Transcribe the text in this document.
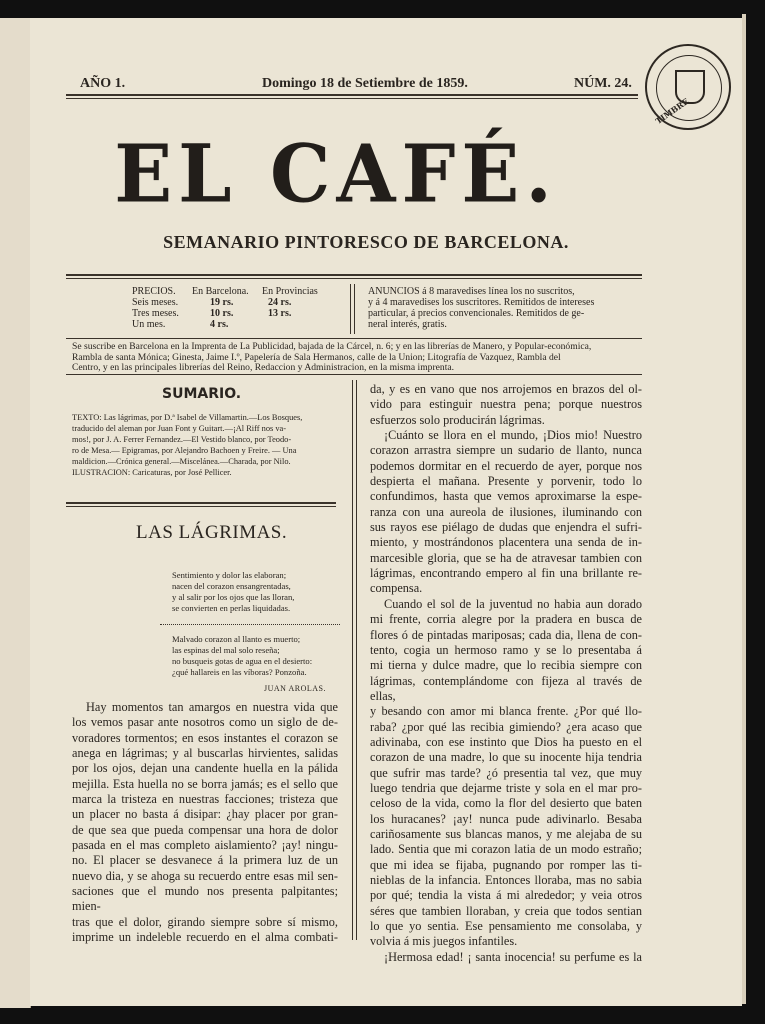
AÑO 1.	Domingo 18 de Setiembre de 1859.	NÚM. 24.
TIMBRE
EL CAFÉ.
SEMANARIO PINTORESCO DE BARCELONA.
PRECIOS.	En Barcelona.	En Provincias
Seis meses.	19 rs.	24 rs.
Tres meses.	10 rs.	13 rs.
Un mes.	4 rs.
ANUNCIOS á 8 maravedises línea los no suscritos,
y á 4 maravedises los suscritores. Remitidos de intereses
particular, á precios convencionales. Remitidos de ge-
neral interés, gratis.
Se suscribe en Barcelona en la Imprenta de La Publicidad, bajada de la Cárcel, n. 6; y en las librerías de Manero, y Popular-económica,
Rambla de santa Mónica; Ginesta, Jaime I.º, Papelería de Sala Hermanos, calle de la Union; Litografía de Vazquez, Rambla del
Centro, y en las principales librerías del Reino, Redaccion y Administracion, en la misma imprenta.
SUMARIO.
TEXTO: Las lágrimas, por D.ª Isabel de Villamartin.—Los Bosques,
traducido del aleman por Juan Font y Guitart.—¡Al Riff nos va-
mos!, por J. A. Ferrer Fernandez.—El Vestido blanco, por Teodo-
ro de Mesa.— Epigramas, por Alejandro Bachoen y Freire. — Una
maldicion.—Crónica general.—Miscelánea.—Charada, por Nilo.
ILUSTRACION: Caricaturas, por José Pellicer.
LAS LÁGRIMAS.
Sentimiento y dolor las elaboran;
nacen del corazon ensangrentadas,
y al salir por los ojos que las lloran,
se convierten en perlas liquidadas.
Malvado corazon al llanto es muerto;
las espinas del mal solo reseña;
no busqueis gotas de agua en el desierto:
¿qué hallareis en las víboras? Ponzoña.
JUAN AROLAS.
Hay momentos tan amargos en nuestra vida que
los vemos pasar ante nosotros como un siglo de de-
voradores tormentos; en esos instantes el corazon se
anega en lágrimas; y al buscarlas hirvientes, salidas
por los ojos, dejan una candente huella en la pálida
mejilla. Esta huella no se borra jamás; es el sello que
marca la tristeza en nuestras facciones; tristeza que
un placer no basta á disipar: ¿hay placer por gran-
de que sea que pueda compensar una hora de dolor
pasada en el mas completo aislamiento? ¡ay! ningu-
no. El placer se desvanece á la primera luz de un
nuevo dia, y se ahoga su recuerdo entre esas mil sen-
saciones que el mundo nos presenta palpitantes; mien-
tras que el dolor, girando siempre sobre sí mismo,
imprime un indeleble recuerdo en el alma combati-
da, y es en vano que nos arrojemos en brazos del ol-
vido para estinguir nuestra pena; porque nuestros
esfuerzos solo producirán lágrimas.
¡Cuánto se llora en el mundo, ¡Dios mio! Nuestro
corazon arrastra siempre un sudario de llanto, nunca
podemos dormitar en el recuerdo de ayer, porque nos
despierta el mañana. Presente y porvenir, todo lo
confundimos, hasta que vemos aproximarse la espe-
ranza con una aureola de ilusiones, iluminando con
sus rayos ese piélago de dudas que enjendra el sufri-
miento, y mostrándonos placentera una senda de in-
marcesible gloria, que se ha de atravesar tambien con
lágrimas, encontrando empero al fin una brillante re-
compensa.
Cuando el sol de la juventud no habia aun dorado
mi frente, corria alegre por la pradera en busca de
flores ó de pintadas mariposas; cada dia, llena de con-
tento, cogia un hermoso ramo y se lo presentaba á
mi tierna y dulce madre, que lo recibia siempre con
lágrimas, contemplándome con fijeza al través de ellas,
y besando con amor mi blanca frente. ¿Por qué llo-
raba? ¿por qué las recibia gimiendo? ¿era acaso que
adivinaba, con ese instinto que Dios ha puesto en el
corazon de una madre, lo que su inocente hija tendria
que sufrir mas tarde? ¿ó presentia tal vez, que muy
luego tendria que dejarme triste y sola en el mar pro-
celoso de la vida, como la flor del desierto que baten
los huracanes? ¡ay! nunca pude adivinarlo. Besaba
cariñosamente sus blancas manos, y me alejaba de su
lado. Sentia que mi corazon latia de un modo estraño;
que mi idea se fijaba, pugnando por romper las ti-
nieblas de la infancia. Entonces lloraba, mas no sabia
por qué; tendia la vista á mi alrededor; y veia otros
séres que tambien lloraban, y creia que todos sentian
lo que yo sentia. Ese pensamiento me consolaba, y
volvia á mis juegos infantiles.
¡Hermosa edad! ¡ santa inocencia! su perfume es la
